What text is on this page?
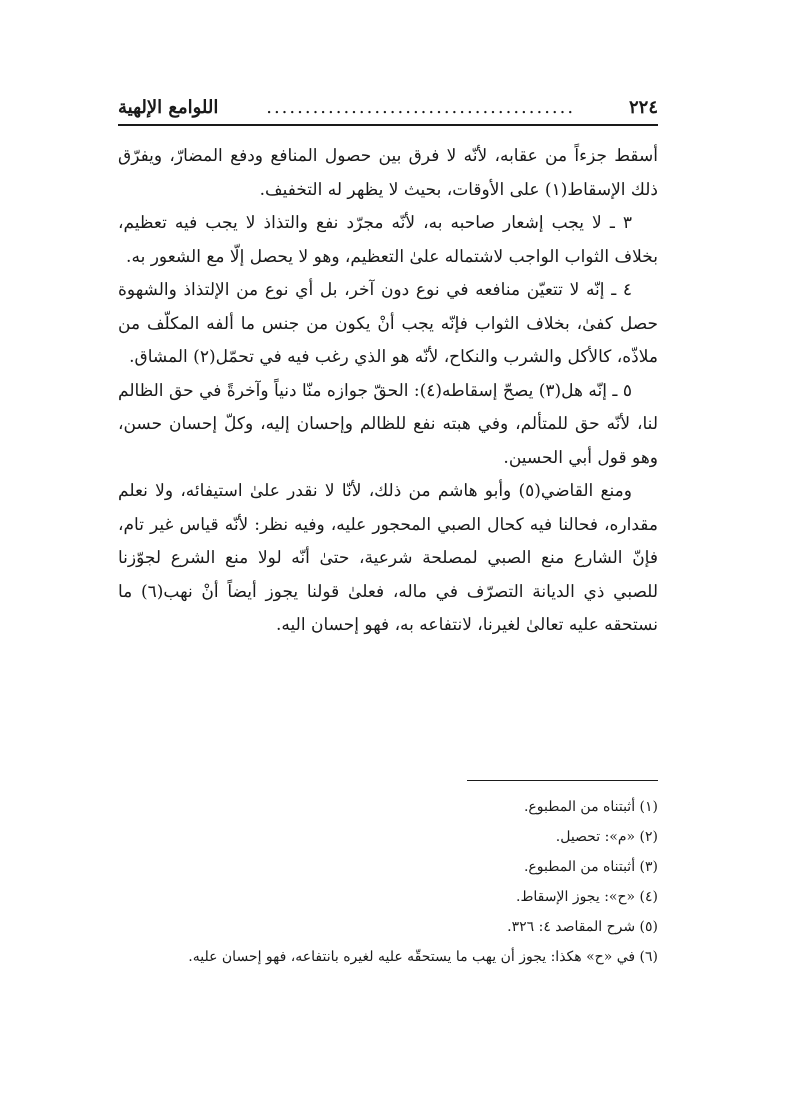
٢٢٤
........................................
اللوامع الإلهية

أسقط جزءاً من عقابه، لأنّه لا فرق بين حصول المنافع ودفع المضارّ، ويفرّق ذلك الإسقاط(١) على الأوقات، بحيث لا يظهر له التخفيف.

٣ ـ لا يجب إشعار صاحبه به، لأنّه مجرّد نفع والتذاذ لا يجب فيه تعظيم، بخلاف الثواب الواجب لاشتماله علىٰ التعظيم، وهو لا يحصل إلّا مع الشعور به.

٤ ـ إنّه لا تتعيّن منافعه في نوع دون آخر، بل أي نوع من الإلتذاذ والشهوة حصل كفىٰ، بخلاف الثواب فإنّه يجب أنْ يكون من جنس ما ألفه المكلّف من ملاذّه، كالأكل والشرب والنكاح، لأنّه هو الذي رغب فيه في تحمّل(٢) المشاق.

٥ ـ إنّه هل(٣) يصحّ إسقاطه(٤): الحقّ جوازه منّا دنياً وآخرةً في حق الظالم لنا، لأنّه حق للمتألم، وفي هبته نفع للظالم وإحسان إليه، وكلّ إحسان حسن، وهو قول أبي الحسين.

ومنع القاضي(٥) وأبو هاشم من ذلك، لأنّا لا نقدر علىٰ استيفائه، ولا نعلم مقداره، فحالنا فيه كحال الصبي المحجور عليه، وفيه نظر: لأنّه قياس غير تام، فإنّ الشارع منع الصبي لمصلحة شرعية، حتىٰ أنّه لولا منع الشرع لجوّزنا للصبي ذي الديانة التصرّف في ماله، فعلىٰ قولنا يجوز أيضاً أنْ نهب(٦) ما نستحقه عليه تعالىٰ لغيرنا، لانتفاعه به، فهو إحسان اليه.

(١) أثبتناه من المطبوع.

(٢) «م»: تحصيل.

(٣) أثبتناه من المطبوع.

(٤) «ح»: يجوز الإسقاط.

(٥) شرح المقاصد ٤: ٣٢٦.

(٦) في «ح» هكذا: يجوز أن يهب ما يستحقّه عليه لغيره بانتفاعه، فهو إحسان عليه.
